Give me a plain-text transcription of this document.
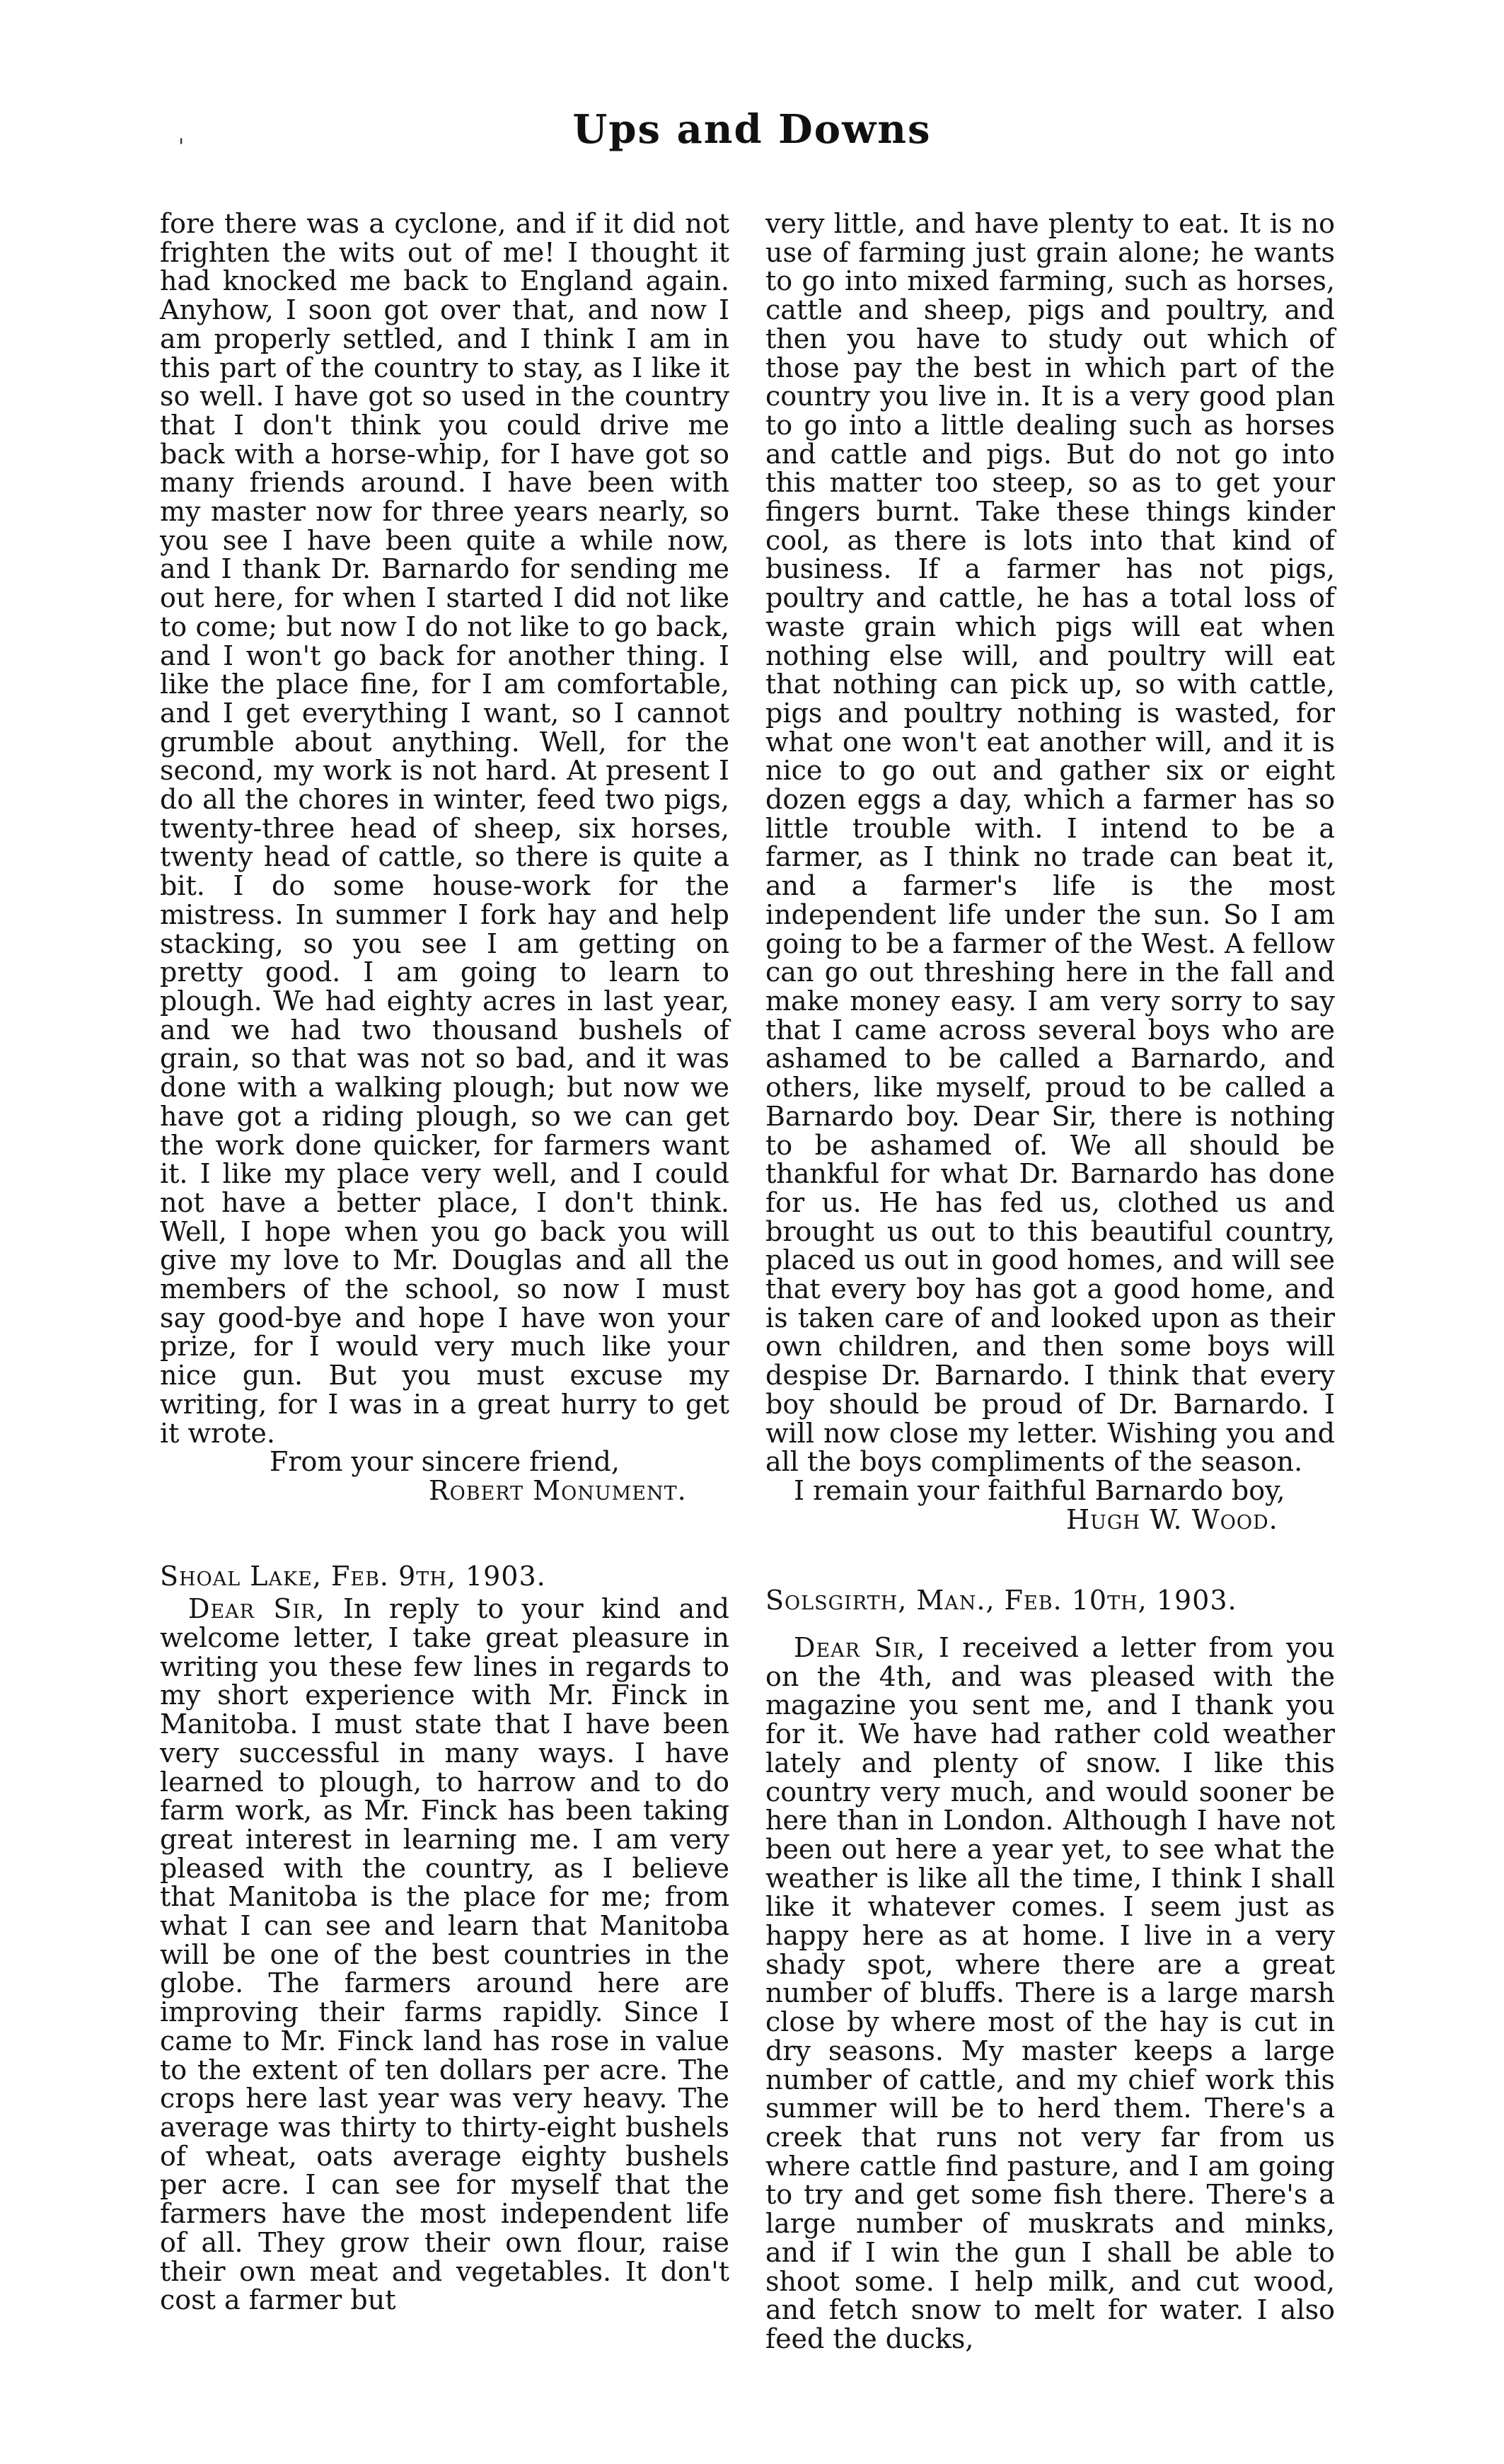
'	Ups and Downs

fore there was a cyclone, and if it did not frighten the wits out of me! I thought it had knocked me back to England again. Anyhow, I soon got over that, and now I am properly settled, and I think I am in this part of the country to stay, as I like it so well. I have got so used in the country that I don't think you could drive me back with a horse-whip, for I have got so many friends around. I have been with my master now for three years nearly, so you see I have been quite a while now, and I thank Dr. Barnardo for sending me out here, for when I started I did not like to come; but now I do not like to go back, and I won't go back for another thing. I like the place fine, for I am comfortable, and I get everything I want, so I cannot grumble about anything. Well, for the second, my work is not hard. At present I do all the chores in winter, feed two pigs, twenty-three head of sheep, six horses, twenty head of cattle, so there is quite a bit. I do some house-work for the mistress. In summer I fork hay and help stacking, so you see I am getting on pretty good. I am going to learn to plough. We had eighty acres in last year, and we had two thousand bushels of grain, so that was not so bad, and it was done with a walking plough; but now we have got a riding plough, so we can get the work done quicker, for farmers want it. I like my place very well, and I could not have a better place, I don't think. Well, I hope when you go back you will give my love to Mr. Douglas and all the members of the school, so now I must say good-bye and hope I have won your prize, for I would very much like your nice gun. But you must excuse my writing, for I was in a great hurry to get it wrote.

From your sincere friend,
Robert Monument.
Shoal Lake, Feb. 9th, 1903.

Dear Sir, In reply to your kind and welcome letter, I take great pleasure in writing you these few lines in regards to my short experience with Mr. Finck in Manitoba. I must state that I have been very successful in many ways. I have learned to plough, to harrow and to do farm work, as Mr. Finck has been taking great interest in learning me. I am very pleased with the country, as I believe that Manitoba is the place for me; from what I can see and learn that Manitoba will be one of the best countries in the globe. The farmers around here are improving their farms rapidly. Since I came to Mr. Finck land has rose in value to the extent of ten dollars per acre. The crops here last year was very heavy. The average was thirty to thirty-eight bushels of wheat, oats average eighty bushels per acre. I can see for myself that the farmers have the most independent life of all. They grow their own flour, raise their own meat and vegetables. It don't cost a farmer but

very little, and have plenty to eat. It is no use of farming just grain alone; he wants to go into mixed farming, such as horses, cattle and sheep, pigs and poultry, and then you have to study out which of those pay the best in which part of the country you live in. It is a very good plan to go into a little dealing such as horses and cattle and pigs. But do not go into this matter too steep, so as to get your fingers burnt. Take these things kinder cool, as there is lots into that kind of business. If a farmer has not pigs, poultry and cattle, he has a total loss of waste grain which pigs will eat when nothing else will, and poultry will eat that nothing can pick up, so with cattle, pigs and poultry nothing is wasted, for what one won't eat another will, and it is nice to go out and gather six or eight dozen eggs a day, which a farmer has so little trouble with. I intend to be a farmer, as I think no trade can beat it, and a farmer's life is the most independent life under the sun. So I am going to be a farmer of the West. A fellow can go out threshing here in the fall and make money easy. I am very sorry to say that I came across several boys who are ashamed to be called a Barnardo, and others, like myself, proud to be called a Barnardo boy. Dear Sir, there is nothing to be ashamed of. We all should be thankful for what Dr. Barnardo has done for us. He has fed us, clothed us and brought us out to this beautiful country, placed us out in good homes, and will see that every boy has got a good home, and is taken care of and looked upon as their own children, and then some boys will despise Dr. Barnardo. I think that every boy should be proud of Dr. Barnardo. I will now close my letter. Wishing you and all the boys compliments of the season.

I remain your faithful Barnardo boy,
Hugh W. Wood.
Solsgirth, Man., Feb. 10th, 1903.

Dear Sir, I received a letter from you on the 4th, and was pleased with the magazine you sent me, and I thank you for it. We have had rather cold weather lately and plenty of snow. I like this country very much, and would sooner be here than in London. Although I have not been out here a year yet, to see what the weather is like all the time, I think I shall like it whatever comes. I seem just as happy here as at home. I live in a very shady spot, where there are a great number of bluffs. There is a large marsh close by where most of the hay is cut in dry seasons. My master keeps a large number of cattle, and my chief work this summer will be to herd them. There's a creek that runs not very far from us where cattle find pasture, and I am going to try and get some fish there. There's a large number of muskrats and minks, and if I win the gun I shall be able to shoot some. I help milk, and cut wood, and fetch snow to melt for water. I also feed the ducks,
